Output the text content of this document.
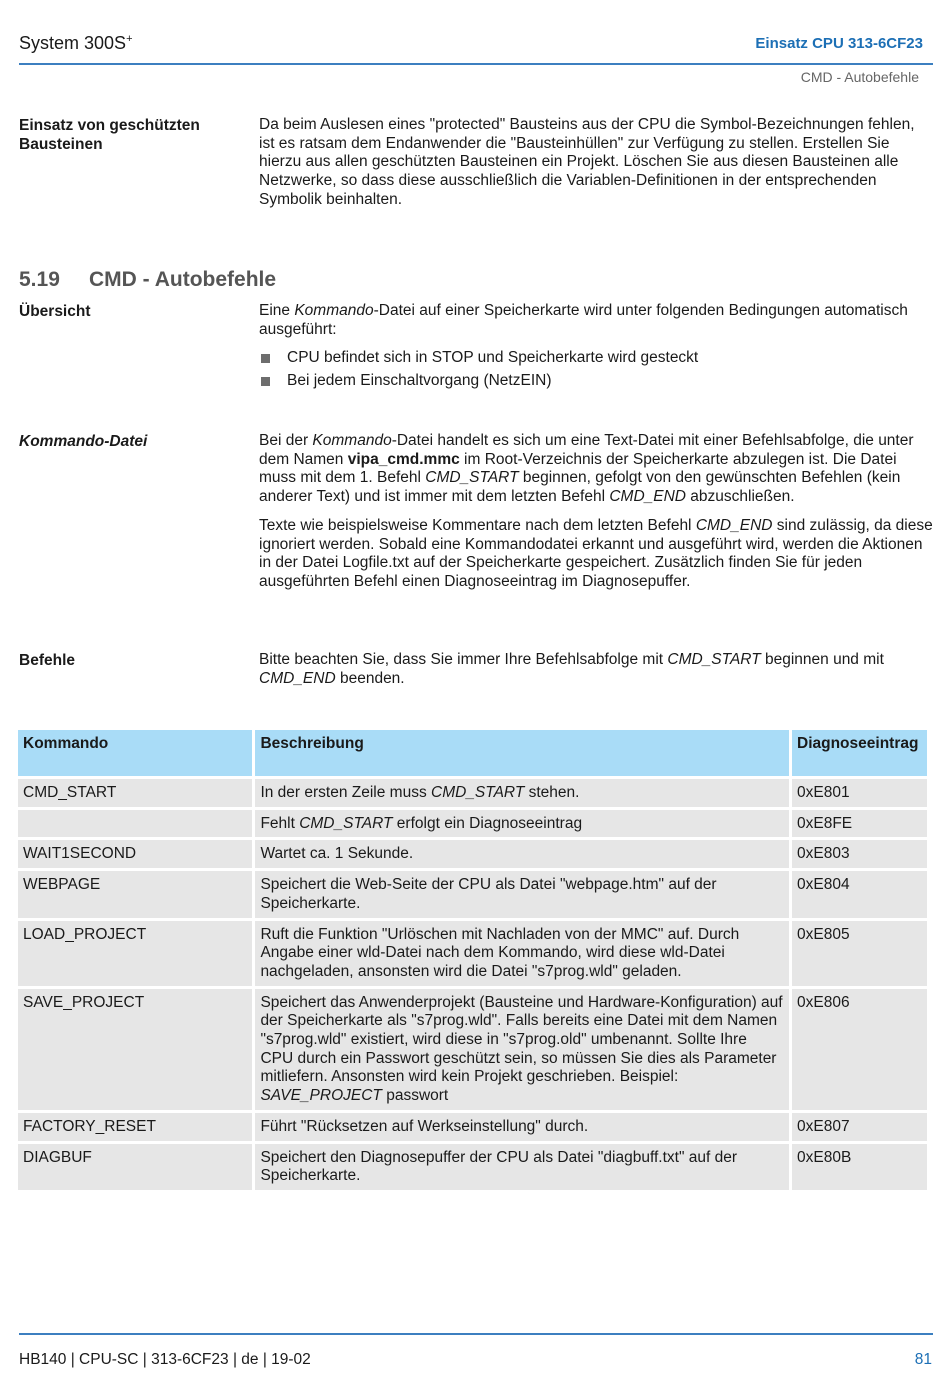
System 300S+	Einsatz CPU 313-6CF23
CMD - Autobefehle
Einsatz von geschützten Bausteinen
Da beim Auslesen eines "protected" Bausteins aus der CPU die Symbol-Bezeichnungen fehlen, ist es ratsam dem Endanwender die "Bausteinhüllen" zur Verfügung zu stellen. Erstellen Sie hierzu aus allen geschützten Bausteinen ein Projekt. Löschen Sie aus diesen Bausteinen alle Netzwerke, so dass diese ausschließlich die Variablen-Definitionen in der entsprechenden Symbolik beinhalten.
5.19 CMD - Autobefehle
Übersicht	Eine Kommando-Datei auf einer Speicherkarte wird unter folgenden Bedingungen automatisch ausgeführt:
CPU befindet sich in STOP und Speicherkarte wird gesteckt
Bei jedem Einschaltvorgang (NetzEIN)
Kommando-Datei	Bei der Kommando-Datei handelt es sich um eine Text-Datei mit einer Befehlsabfolge, die unter dem Namen vipa_cmd.mmc im Root-Verzeichnis der Speicherkarte abzulegen ist. Die Datei muss mit dem 1. Befehl CMD_START beginnen, gefolgt von den gewünschten Befehlen (kein anderer Text) und ist immer mit dem letzten Befehl CMD_END abzuschließen.

Texte wie beispielsweise Kommentare nach dem letzten Befehl CMD_END sind zulässig, da diese ignoriert werden. Sobald eine Kommandodatei erkannt und ausgeführt wird, werden die Aktionen in der Datei Logfile.txt auf der Speicherkarte gespeichert. Zusätzlich finden Sie für jeden ausgeführten Befehl einen Diagnoseeintrag im Diagnosepuffer.

Befehle	Bitte beachten Sie, dass Sie immer Ihre Befehlsabfolge mit CMD_START beginnen und mit CMD_END beenden.
Kommando	Beschreibung	Diagnoseeintrag
CMD_START	In der ersten Zeile muss CMD_START stehen.	0xE801
	Fehlt CMD_START erfolgt ein Diagnoseeintrag	0xE8FE
WAIT1SECOND	Wartet ca. 1 Sekunde.	0xE803
WEBPAGE	Speichert die Web-Seite der CPU als Datei "webpage.htm" auf der Speicherkarte.	0xE804
LOAD_PROJECT	Ruft die Funktion "Urlöschen mit Nachladen von der MMC" auf. Durch Angabe einer wld-Datei nach dem Kommando, wird diese wld-Datei nachgeladen, ansonsten wird die Datei "s7prog.wld" geladen.	0xE805
SAVE_PROJECT	Speichert das Anwenderprojekt (Bausteine und Hardware-Konfiguration) auf der Speicherkarte als "s7prog.wld". Falls bereits eine Datei mit dem Namen "s7prog.wld" existiert, wird diese in "s7prog.old" umbenannt. Sollte Ihre CPU durch ein Passwort geschützt sein, so müssen Sie dies als Parameter mitliefern. Ansonsten wird kein Projekt geschrieben. Beispiel: SAVE_PROJECT passwort	0xE806
FACTORY_RESET	Führt "Rücksetzen auf Werkseinstellung" durch.	0xE807
DIAGBUF	Speichert den Diagnosepuffer der CPU als Datei "diagbuff.txt" auf der Speicherkarte.	0xE80B
HB140 | CPU-SC | 313-6CF23 | de | 19-02	81
